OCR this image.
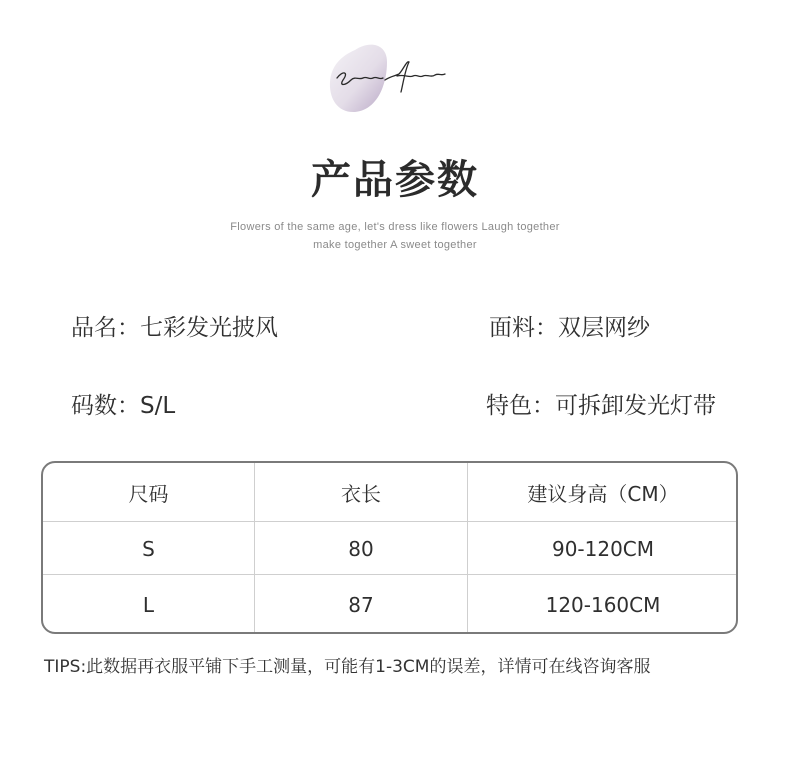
产品参数
Flowers of the same age, let's dress like flowers Laugh together
make together A sweet together
品名：七彩发光披风	面料：双层网纱
码数：S/L	特色：可拆卸发光灯带
尺码	衣长	建议身高（CM）
S	80	90-120CM
L	87	120-160CM
TIPS:此数据再衣服平铺下手工测量，可能有1-3CM的误差，详情可在线咨询客服
